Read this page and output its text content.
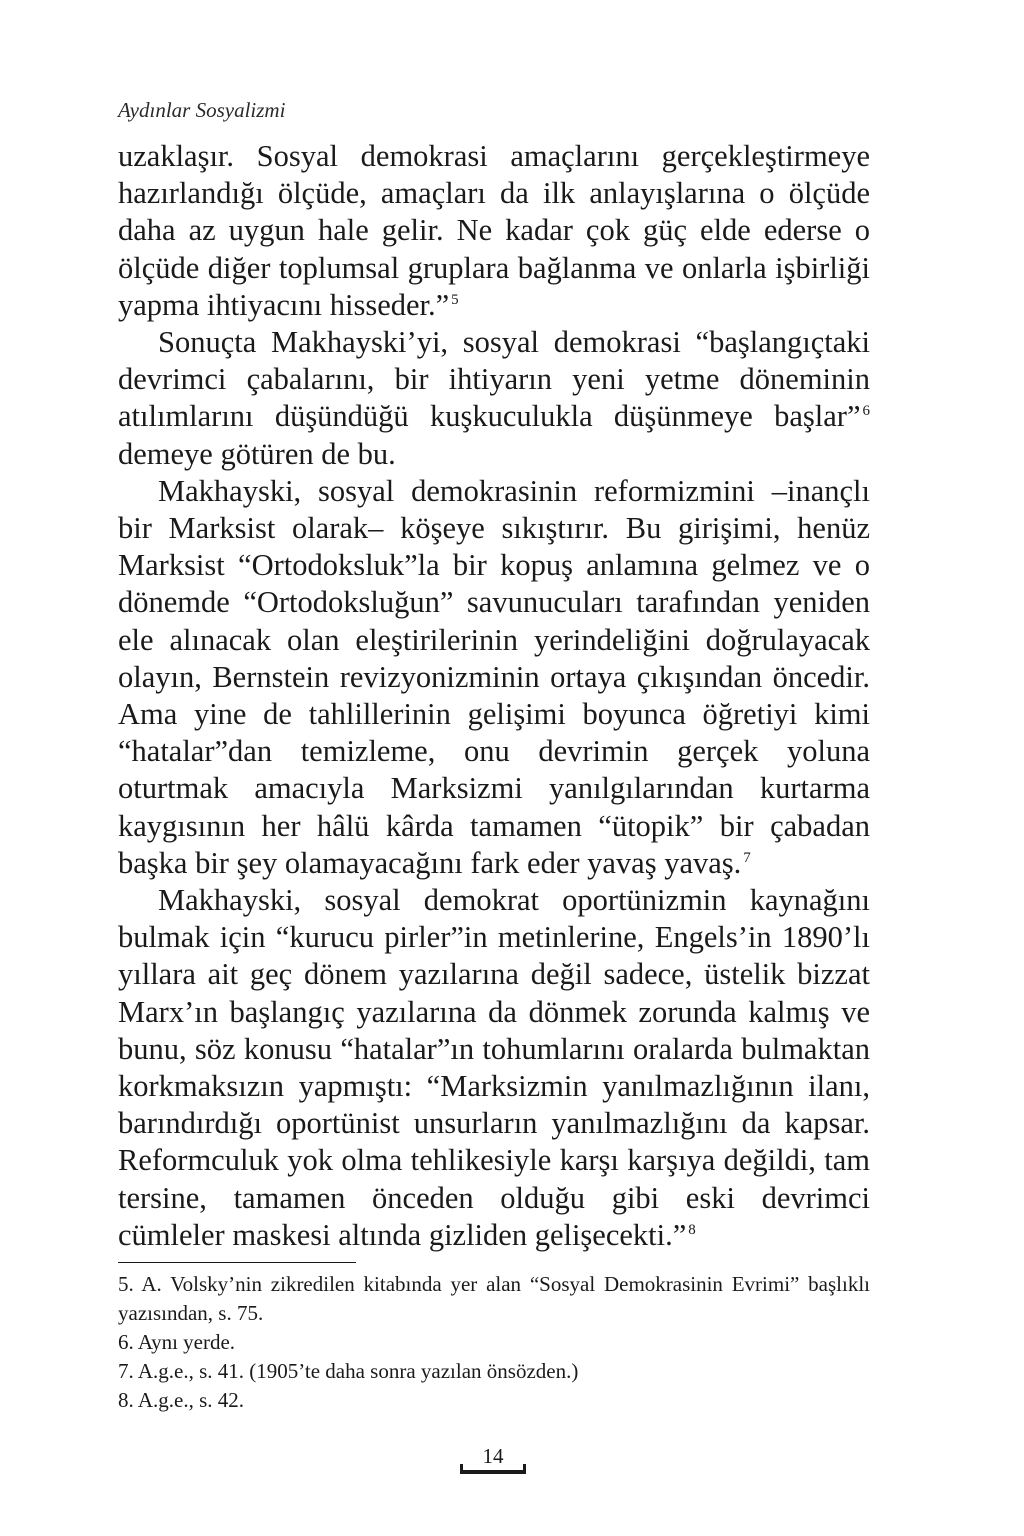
Aydınlar Sosyalizmi

uzaklaşır. Sosyal demokrasi amaçlarını gerçekleştirmeye hazırlandığı ölçüde, amaçları da ilk anlayışlarına o ölçüde daha az uygun hale gelir. Ne kadar çok güç elde ederse o ölçüde diğer toplumsal gruplara bağlanma ve onlarla işbirliği yapma ihtiyacını hisseder.” $^5$

Sonuçta Makhayski’yi, sosyal demokrasi “başlangıçtaki devrimci çabalarını, bir ihtiyarın yeni yetme döneminin atılımlarını düşündüğü kuşkuculukla düşünmeye başlar” $^6$ demeye götüren de bu.

Makhayski, sosyal demokrasinin reformizmini –inançlı bir Marksist olarak– köşeye sıkıştırır. Bu girişimi, henüz Marksist “Ortodoksluk”la bir kopuş anlamına gelmez ve o dönemde “Ortodoksluğun” savunucuları tarafından yeniden ele alınacak olan eleştirilerinin yerindeliğini doğrulayacak olayın, Bernstein revizyonizminin ortaya çıkışından öncedir. Ama yine de tahlillerinin gelişimi boyunca öğretiyi kimi “hatalar”dan temizleme, onu devrimin gerçek yoluna oturtmak amacıyla Marksizmi yanılgılarından kurtarma kaygısının her hâlü kârda tamamen “ütopik” bir çabadan başka bir şey olamayacağını fark eder yavaş yavaş. $^7$

Makhayski, sosyal demokrat oportünizmin kaynağını bulmak için “kurucu pirler”in metinlerine, Engels’in 1890’lı yıllara ait geç dönem yazılarına değil sadece, üstelik bizzat Marx’ın başlangıç yazılarına da dönmek zorunda kalmış ve bunu, söz konusu “hatalar”ın tohumlarını oralarda bulmaktan korkmaksızın yapmıştı: “Marksizmin yanılmazlığının ilanı, barındırdığı oportünist unsurların yanılmazlığını da kapsar. Reformculuk yok olma tehlikesiyle karşı karşıya değildi, tam tersine, tamamen önceden olduğu gibi eski devrimci cümleler maskesi altında gizliden gelişecekti.” $^8$

5. A. Volsky’nin zikredilen kitabında yer alan “Sosyal Demokrasinin Evrimi” başlıklı yazısından, s. 75.

6. Aynı yerde.

7. A.g.e., s. 41. (1905’te daha sonra yazılan önsözden.)

8. A.g.e., s. 42.

14
